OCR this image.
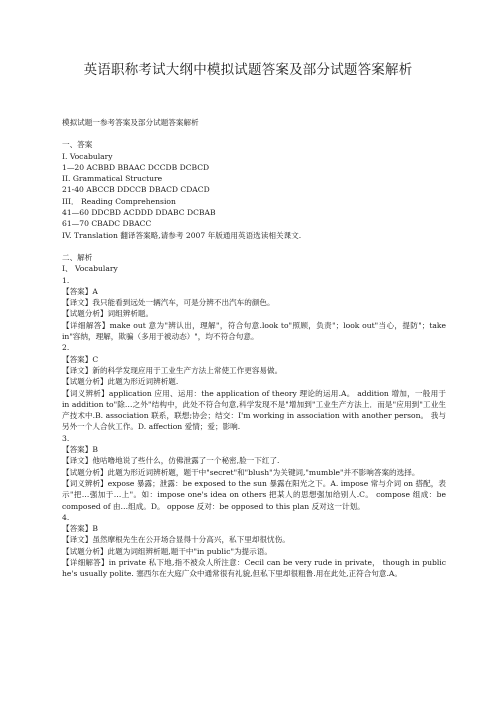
英语职称考试大纲中模拟试题答案及部分试题答案解析
模拟试题一参考答案及部分试题答案解析
一、答案
I. Vocabulary
1—20 ACBBD BBAAC DCCDB DCBCD
II. Grammatical Structure
21-40 ABCCB DDCCB DBACD CDACD
III． Reading Comprehension
41—60 DDCBD ACDDD DDABC DCBAB
61—70 CBADC DBACC
IV. Translation 翻译答案略,请参考 2007 年版通用英语选读相关课文.
二、解析
I、 Vocabulary
1.
【答案】A
【译文】我只能看到远处一辆汽车，可是分辨不出汽车的颜色。
【试题分析】词组辨析题。
【详细解答】make out 意为"辨认出，理解"，符合句意.look to"照顾，负责"；look out"当心，提防"；take in"容纳，理解，欺骗（多用于被动态）"，均不符合句意。
2.
【答案】C
【译文】新的科学发现应用于工业生产方法上常使工作更容易做。
【试题分析】此题为形近词辨析题.
【词义辨析】application 应用、运用：the application of theory 理论的运用.A。 addition 增加，一般用于 in addition to"除…之外"结构中，此处不符合句意,科学发现不是"增加到"工业生产方法上．而是"应用到"工业生产技术中.B. association 联系，联想;协会；结交：I'm working in association with another person。 我与另外一个人合伙工作。D. affection 爱情；爱；影响.
3.
【答案】B
【译文】他咕噜地说了些什么，仿佛泄露了一个秘密,脸一下红了.
【试题分析】此题为形近词辨析题，题干中"secret"和"blush"为关键词,"mumble"并不影响答案的选择。
【词义辨析】expose 暴露；泄露：be exposed to the sun 暴露在阳光之下。A. impose 常与介词 on 搭配，表示"把…强加于…上"。如：impose one's idea on others 把某人的思想强加给别人.C。 compose 组成：be composed of 由…组成。D。 oppose 反对：be opposed to this plan 反对这一计划。
4.
【答案】B
【译文】虽然摩根先生在公开场合显得十分高兴，私下里却很忧伤。
【试题分析】此题为词组辨析题,题干中"in public"为提示语。
【详细解答】in private 私下地,指不被众人所注意：Cecil can be very rude in private， though in public he's usually polite. 塞西尔在大庭广众中通常很有礼貌,但私下里却很粗鲁.用在此处,正符合句意.A。
